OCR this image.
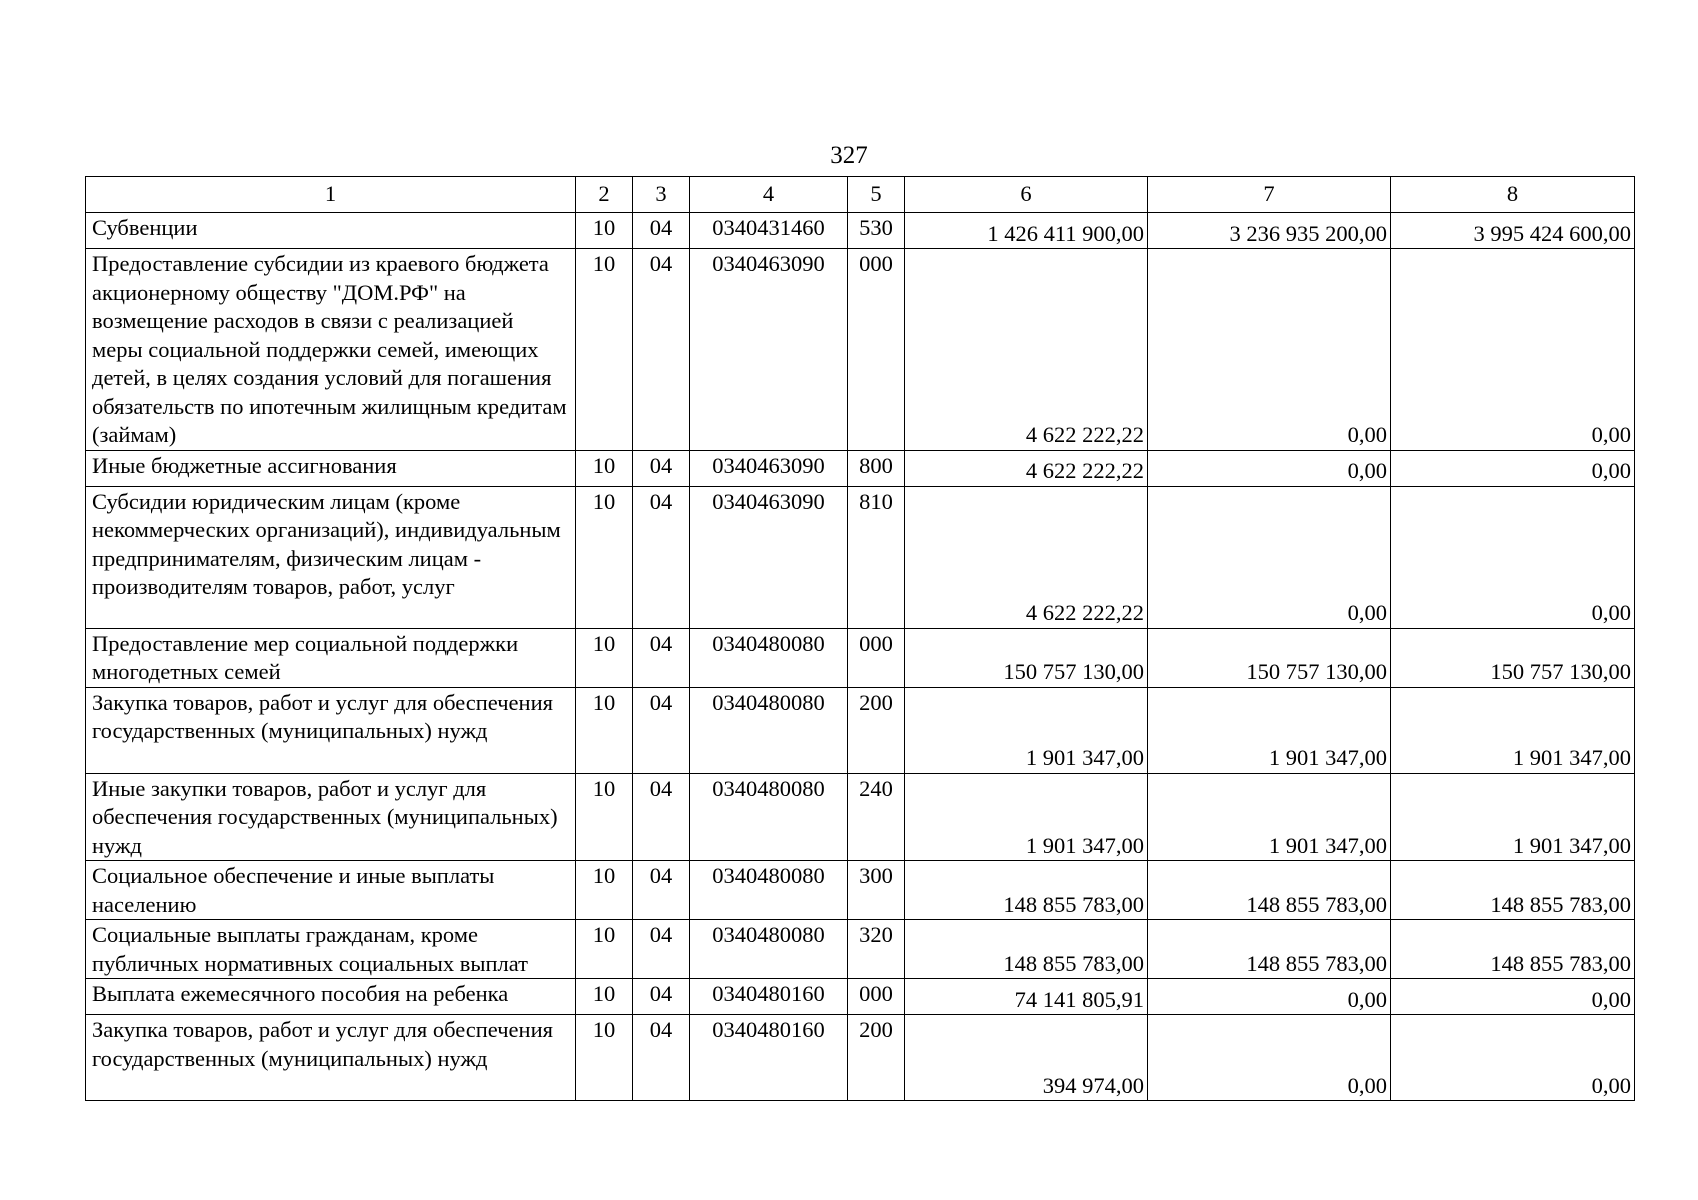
327
1	2	3	4	5	6	7	8
Субвенции	10	04	0340431460	530	1 426 411 900,00	3 236 935 200,00	3 995 424 600,00
Предоставление субсидии из краевого бюджета акционерному обществу "ДОМ.РФ" на возмещение расходов в связи с реализацией меры социальной поддержки семей, имеющих детей, в целях создания условий для погашения обязательств по ипотечным жилищным кредитам (займам)	10	04	0340463090	000	4 622 222,22	0,00	0,00
Иные бюджетные ассигнования	10	04	0340463090	800	4 622 222,22	0,00	0,00
Субсидии юридическим лицам (кроме некоммерческих организаций), индивидуальным предпринимателям, физическим лицам - производителям товаров, работ, услуг	10	04	0340463090	810	4 622 222,22	0,00	0,00
Предоставление мер социальной поддержки многодетных семей	10	04	0340480080	000	150 757 130,00	150 757 130,00	150 757 130,00
Закупка товаров, работ и услуг для обеспечения государственных (муниципальных) нужд	10	04	0340480080	200	1 901 347,00	1 901 347,00	1 901 347,00
Иные закупки товаров, работ и услуг для обеспечения государственных (муниципальных) нужд	10	04	0340480080	240	1 901 347,00	1 901 347,00	1 901 347,00
Социальное обеспечение и иные выплаты населению	10	04	0340480080	300	148 855 783,00	148 855 783,00	148 855 783,00
Социальные выплаты гражданам, кроме публичных нормативных социальных выплат	10	04	0340480080	320	148 855 783,00	148 855 783,00	148 855 783,00
Выплата ежемесячного пособия на ребенка	10	04	0340480160	000	74 141 805,91	0,00	0,00
Закупка товаров, работ и услуг для обеспечения государственных (муниципальных) нужд	10	04	0340480160	200	394 974,00	0,00	0,00
